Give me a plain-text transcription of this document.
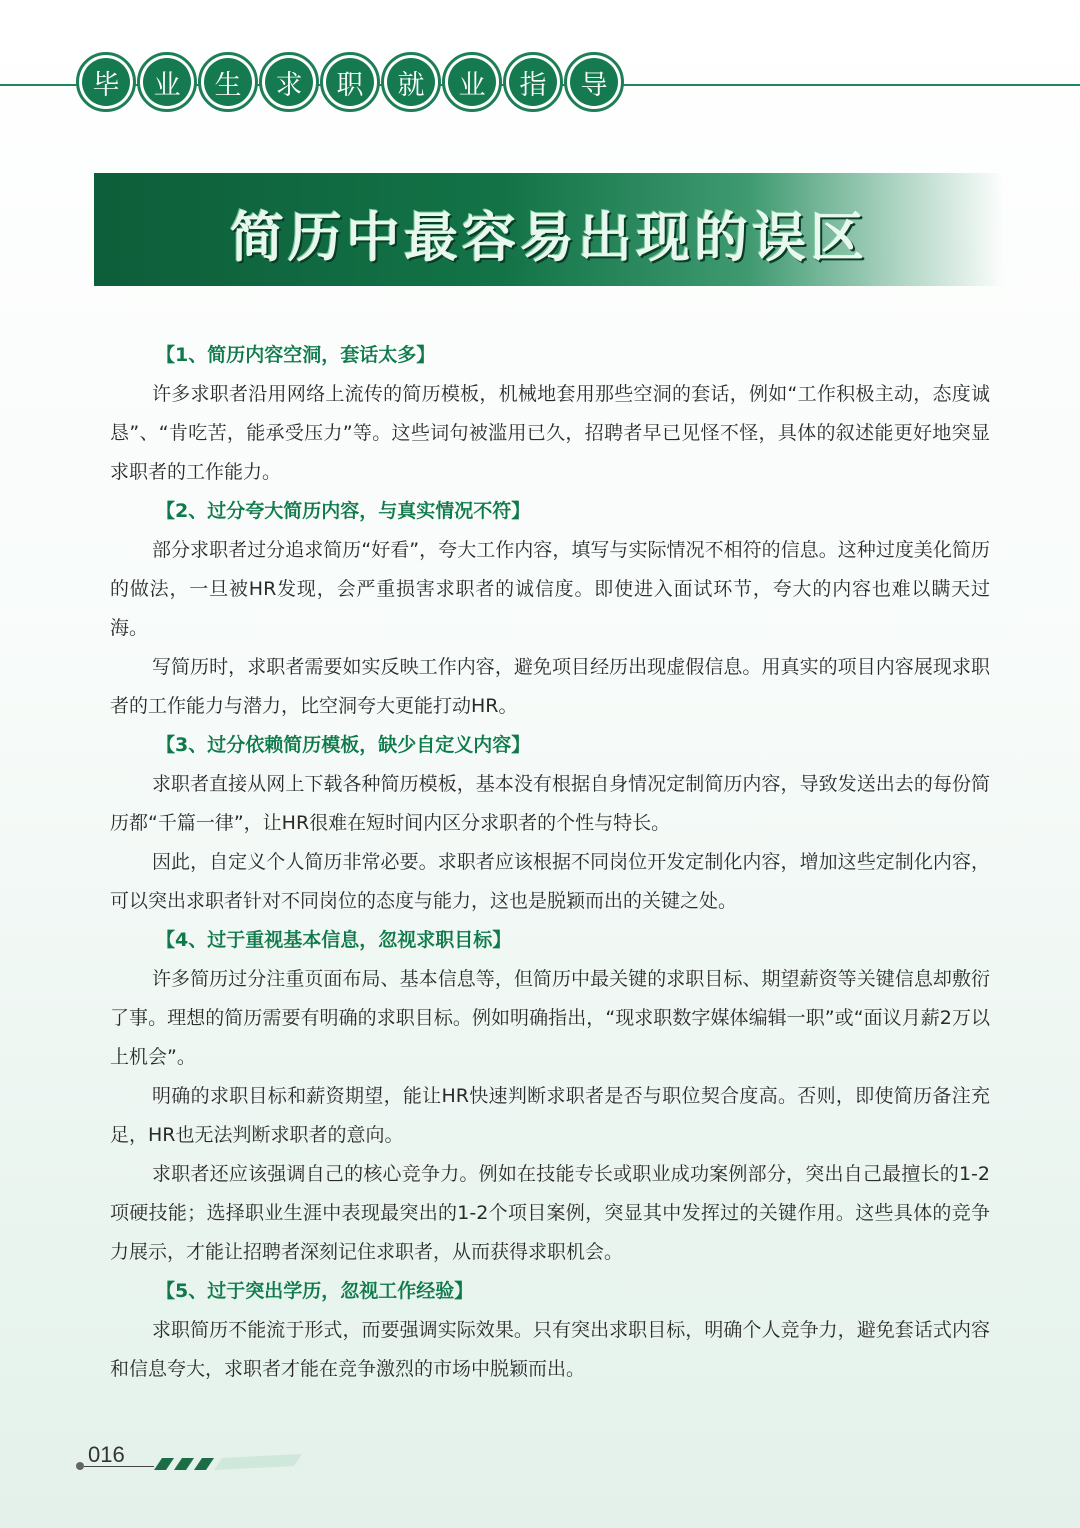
毕	业	生	求	职	就	业	指	导
简历中最容易出现的误区
【1、简历内容空洞，套话太多】
许多求职者沿用网络上流传的简历模板，机械地套用那些空洞的套话，例如“工作积极主动，态度诚恳”、“肯吃苦，能承受压力”等。这些词句被滥用已久，招聘者早已见怪不怪，具体的叙述能更好地突显求职者的工作能力。
【2、过分夸大简历内容，与真实情况不符】
部分求职者过分追求简历“好看”，夸大工作内容，填写与实际情况不相符的信息。这种过度美化简历的做法，一旦被HR发现，会严重损害求职者的诚信度。即使进入面试环节，夸大的内容也难以瞒天过海。
写简历时，求职者需要如实反映工作内容，避免项目经历出现虚假信息。用真实的项目内容展现求职者的工作能力与潜力，比空洞夸大更能打动HR。
【3、过分依赖简历模板，缺少自定义内容】
求职者直接从网上下载各种简历模板，基本没有根据自身情况定制简历内容，导致发送出去的每份简历都“千篇一律”，让HR很难在短时间内区分求职者的个性与特长。
因此，自定义个人简历非常必要。求职者应该根据不同岗位开发定制化内容，增加这些定制化内容，可以突出求职者针对不同岗位的态度与能力，这也是脱颖而出的关键之处。
【4、过于重视基本信息，忽视求职目标】
许多简历过分注重页面布局、基本信息等，但简历中最关键的求职目标、期望薪资等关键信息却敷衍了事。理想的简历需要有明确的求职目标。例如明确指出，“现求职数字媒体编辑一职”或“面议月薪2万以上机会”。
明确的求职目标和薪资期望，能让HR快速判断求职者是否与职位契合度高。否则，即使简历备注充足，HR也无法判断求职者的意向。
求职者还应该强调自己的核心竞争力。例如在技能专长或职业成功案例部分，突出自己最擅长的1-2项硬技能；选择职业生涯中表现最突出的1-2个项目案例，突显其中发挥过的关键作用。这些具体的竞争力展示，才能让招聘者深刻记住求职者，从而获得求职机会。
【5、过于突出学历，忽视工作经验】
求职简历不能流于形式，而要强调实际效果。只有突出求职目标，明确个人竞争力，避免套话式内容和信息夸大，求职者才能在竞争激烈的市场中脱颖而出。
016
